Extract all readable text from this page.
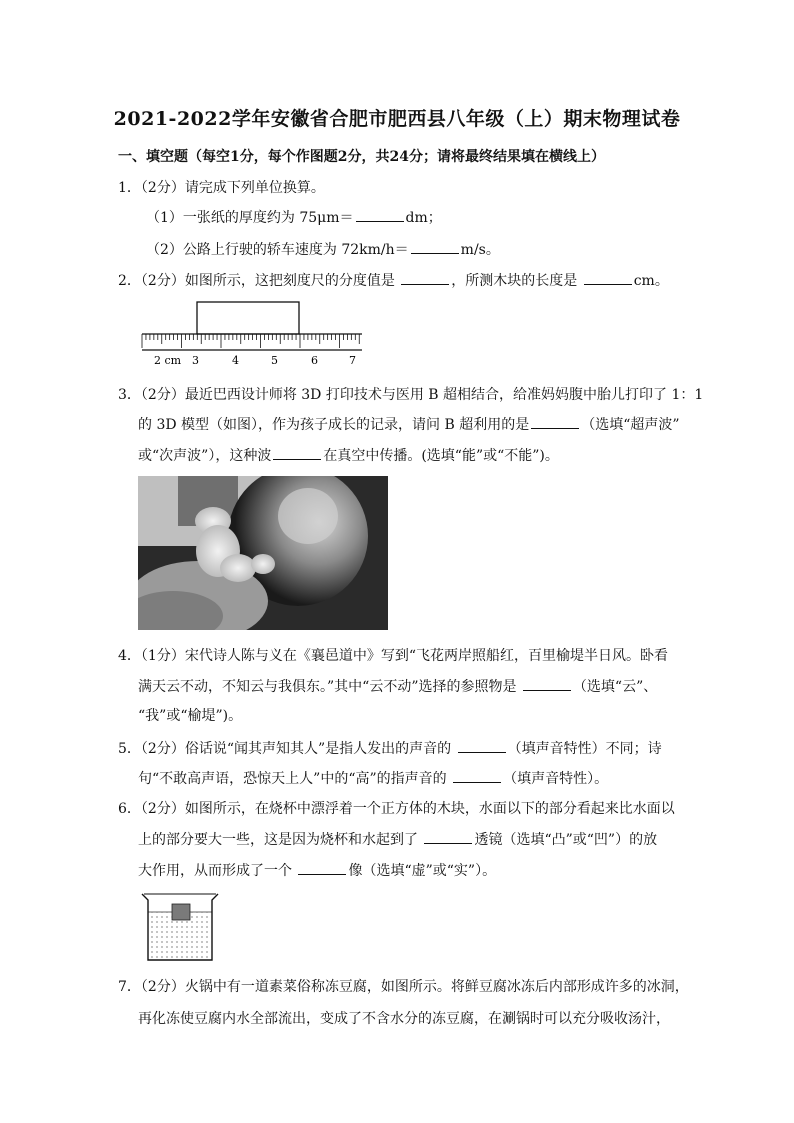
2021-2022学年安徽省合肥市肥西县八年级（上）期末物理试卷
一、填空题（每空1分，每个作图题2分，共24分；请将最终结果填在横线上）
1．（2分）请完成下列单位换算。
（1）一张纸的厚度约为 75μm＝	dm；
（2）公路上行驶的轿车速度为 72km/h＝	m/s。
2．（2分）如图所示，这把刻度尺的分度值是	，所测木块的长度是	cm。
2 cm 3	4	5	6	7
3．（2分）最近巴西设计师将 3D 打印技术与医用 B 超相结合，给准妈妈腹中胎儿打印了 1：1
的 3D 模型（如图），作为孩子成长的记录，请问 B 超利用的是	（选填“超声波”
或“次声波”），这种波	在真空中传播。(选填“能”或“不能”)。
4．（1分）宋代诗人陈与义在《襄邑道中》写到“飞花两岸照船红，百里榆堤半日风。卧看
满天云不动，不知云与我俱东。”其中“云不动”选择的参照物是	（选填“云”、
“我”或“榆堤”)。
5．（2分）俗话说“闻其声知其人”是指人发出的声音的	（填声音特性）不同；诗
句“不敢高声语，恐惊天上人”中的“高”的指声音的	（填声音特性）。
6．（2分）如图所示，在烧杯中漂浮着一个正方体的木块，水面以下的部分看起来比水面以
上的部分要大一些，这是因为烧杯和水起到了	透镜（选填“凸”或“凹”）的放
大作用，从而形成了一个	像（选填“虚”或“实”）。
7．（2分）火锅中有一道素菜俗称冻豆腐，如图所示。将鲜豆腐冰冻后内部形成许多的冰洞，
再化冻使豆腐内水全部流出，变成了不含水分的冻豆腐，在涮锅时可以充分吸收汤汁，
